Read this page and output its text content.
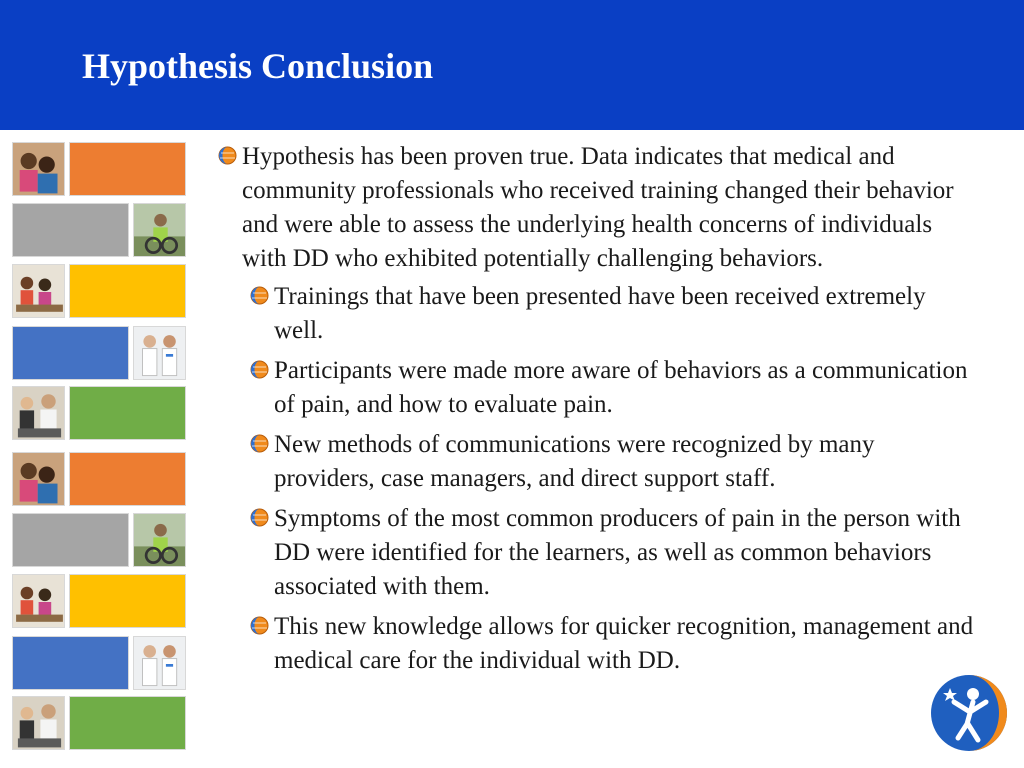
Hypothesis Conclusion
Hypothesis has been proven true. Data indicates that medical and community professionals who received training changed their behavior and were able to assess the underlying health concerns of individuals with DD who exhibited potentially challenging behaviors.
Trainings that have been presented have been received extremely well.
Participants were made more aware of behaviors as a communication of pain, and how to evaluate pain.
New methods of communications were recognized by many providers, case managers, and direct support staff.
Symptoms of the most common producers of pain in the person with DD were identified for the learners, as well as common behaviors associated with them.
This new knowledge allows for quicker recognition, management and medical care for the individual with DD.
